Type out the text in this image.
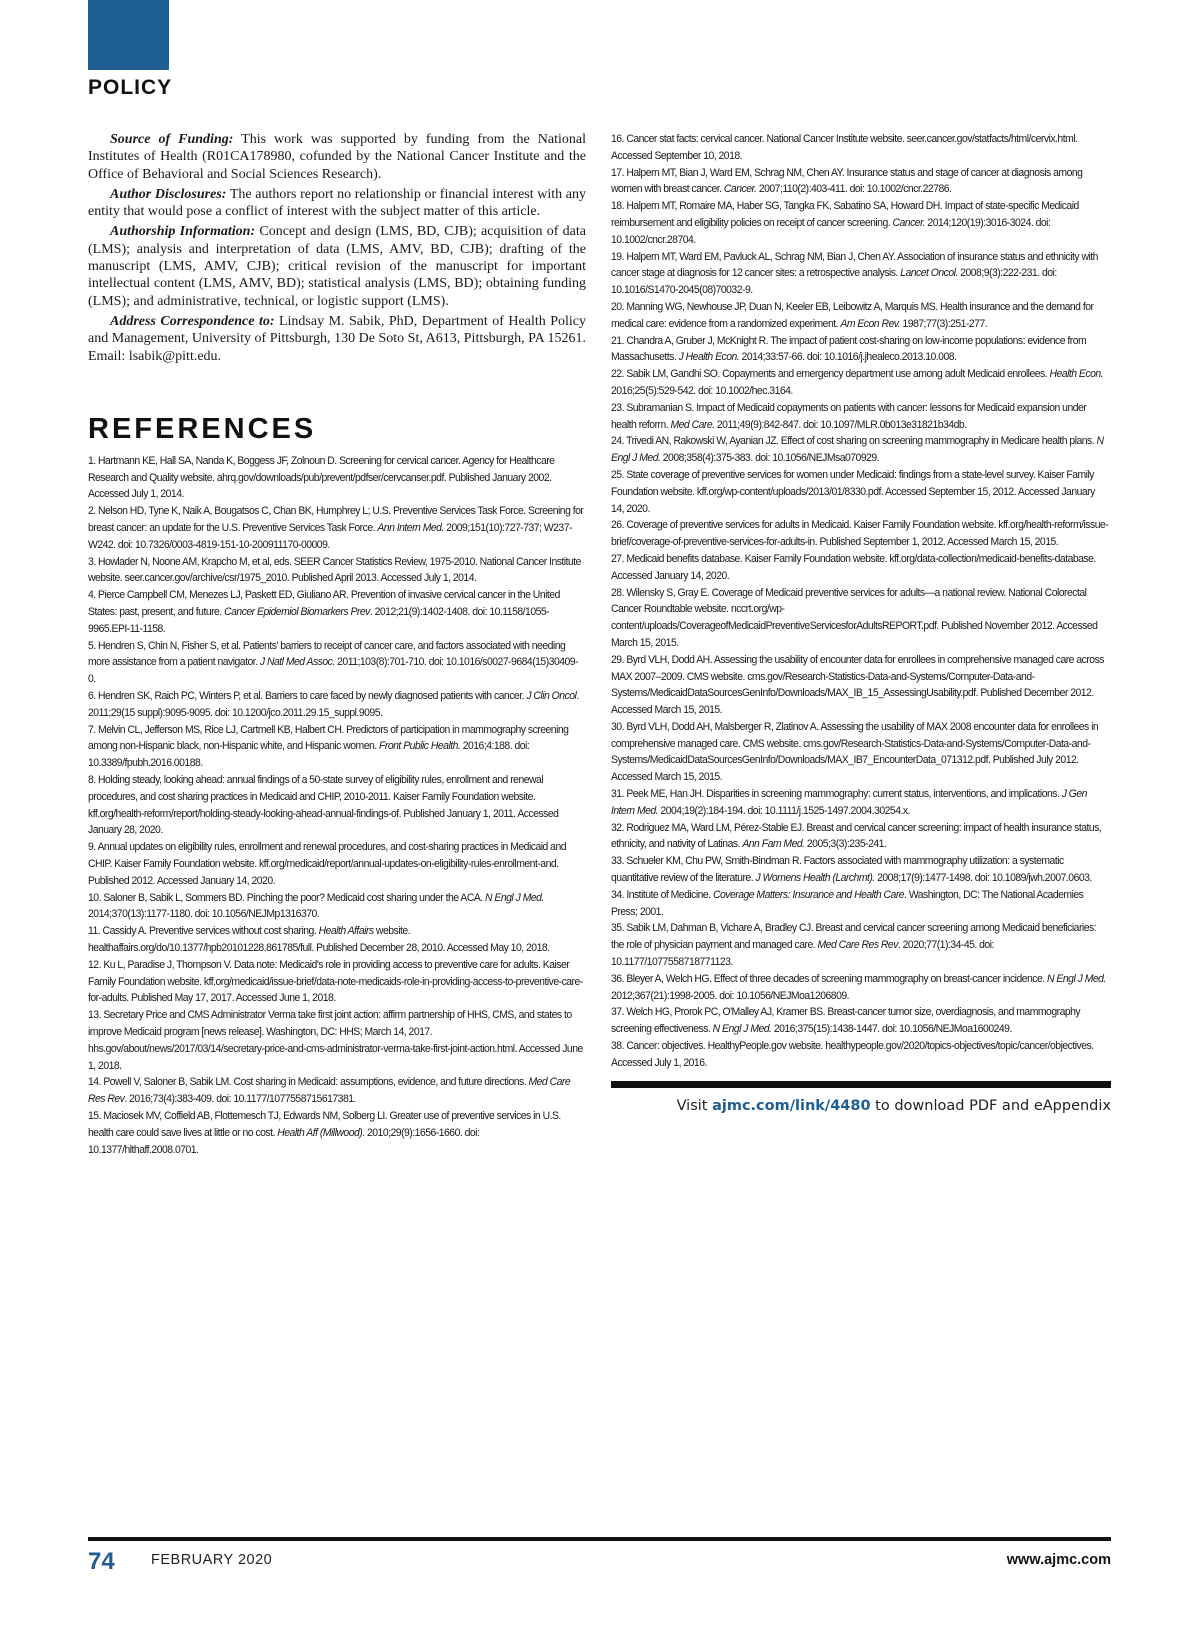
POLICY

Source of Funding: This work was supported by funding from the National Institutes of Health (R01CA178980, cofunded by the National Cancer Institute and the Office of Behavioral and Social Sciences Research).

Author Disclosures: The authors report no relationship or financial interest with any entity that would pose a conflict of interest with the subject matter of this article.

Authorship Information: Concept and design (LMS, BD, CJB); acquisition of data (LMS); analysis and interpretation of data (LMS, AMV, BD, CJB); drafting of the manuscript (LMS, AMV, CJB); critical revision of the manuscript for important intellectual content (LMS, AMV, BD); statistical analysis (LMS, BD); obtaining funding (LMS); and administrative, technical, or logistic support (LMS).

Address Correspondence to: Lindsay M. Sabik, PhD, Department of Health Policy and Management, University of Pittsburgh, 130 De Soto St, A613, Pittsburgh, PA 15261. Email: lsabik@pitt.edu.

REFERENCES

1. Hartmann KE, Hall SA, Nanda K, Boggess JF, Zolnoun D. Screening for cervical cancer. Agency for Healthcare Research and Quality website. ahrq.gov/downloads/pub/prevent/pdfser/cervcanser.pdf. Published January 2002. Accessed July 1, 2014.

2. Nelson HD, Tyne K, Naik A, Bougatsos C, Chan BK, Humphrey L; U.S. Preventive Services Task Force. Screening for breast cancer: an update for the U.S. Preventive Services Task Force. Ann Intern Med. 2009;151(10):727-737; W237-W242. doi: 10.7326/0003-4819-151-10-200911170-00009.

3. Howlader N, Noone AM, Krapcho M, et al, eds. SEER Cancer Statistics Review, 1975-2010. National Cancer Institute website. seer.cancer.gov/archive/csr/1975_2010. Published April 2013. Accessed July 1, 2014.

4. Pierce Campbell CM, Menezes LJ, Paskett ED, Giuliano AR. Prevention of invasive cervical cancer in the United States: past, present, and future. Cancer Epidemiol Biomarkers Prev. 2012;21(9):1402-1408. doi: 10.1158/1055-9965.EPI-11-1158.

5. Hendren S, Chin N, Fisher S, et al. Patients' barriers to receipt of cancer care, and factors associated with needing more assistance from a patient navigator. J Natl Med Assoc. 2011;103(8):701-710. doi: 10.1016/s0027-9684(15)30409-0.

6. Hendren SK, Raich PC, Winters P, et al. Barriers to care faced by newly diagnosed patients with cancer. J Clin Oncol. 2011;29(15 suppl):9095-9095. doi: 10.1200/jco.2011.29.15_suppl.9095.

7. Melvin CL, Jefferson MS, Rice LJ, Cartmell KB, Halbert CH. Predictors of participation in mammography screening among non-Hispanic black, non-Hispanic white, and Hispanic women. Front Public Health. 2016;4:188. doi: 10.3389/fpubh.2016.00188.

8. Holding steady, looking ahead: annual findings of a 50-state survey of eligibility rules, enrollment and renewal procedures, and cost sharing practices in Medicaid and CHIP, 2010-2011. Kaiser Family Foundation website. kff.org/health-reform/report/holding-steady-looking-ahead-annual-findings-of. Published January 1, 2011. Accessed January 28, 2020.

9. Annual updates on eligibility rules, enrollment and renewal procedures, and cost-sharing practices in Medicaid and CHIP. Kaiser Family Foundation website. kff.org/medicaid/report/annual-updates-on-eligibility-rules-enrollment-and. Published 2012. Accessed January 14, 2020.

10. Saloner B, Sabik L, Sommers BD. Pinching the poor? Medicaid cost sharing under the ACA. N Engl J Med. 2014;370(13):1177-1180. doi: 10.1056/NEJMp1316370.

11. Cassidy A. Preventive services without cost sharing. Health Affairs website. healthaffairs.org/do/10.1377/hpb20101228.861785/full. Published December 28, 2010. Accessed May 10, 2018.

12. Ku L, Paradise J, Thompson V. Data note: Medicaid's role in providing access to preventive care for adults. Kaiser Family Foundation website. kff.org/medicaid/issue-brief/data-note-medicaids-role-in-providing-access-to-preventive-care-for-adults. Published May 17, 2017. Accessed June 1, 2018.

13. Secretary Price and CMS Administrator Verma take first joint action: affirm partnership of HHS, CMS, and states to improve Medicaid program [news release]. Washington, DC: HHS; March 14, 2017. hhs.gov/about/news/2017/03/14/secretary-price-and-cms-administrator-verma-take-first-joint-action.html. Accessed June 1, 2018.

14. Powell V, Saloner B, Sabik LM. Cost sharing in Medicaid: assumptions, evidence, and future directions. Med Care Res Rev. 2016;73(4):383-409. doi: 10.1177/1077558715617381.

15. Maciosek MV, Coffield AB, Flottemesch TJ, Edwards NM, Solberg LI. Greater use of preventive services in U.S. health care could save lives at little or no cost. Health Aff (Millwood). 2010;29(9):1656-1660. doi: 10.1377/hlthaff.2008.0701.

16. Cancer stat facts: cervical cancer. National Cancer Institute website. seer.cancer.gov/statfacts/html/cervix.html. Accessed September 10, 2018.

17. Halpern MT, Bian J, Ward EM, Schrag NM, Chen AY. Insurance status and stage of cancer at diagnosis among women with breast cancer. Cancer. 2007;110(2):403-411. doi: 10.1002/cncr.22786.

18. Halpern MT, Romaire MA, Haber SG, Tangka FK, Sabatino SA, Howard DH. Impact of state-specific Medicaid reimbursement and eligibility policies on receipt of cancer screening. Cancer. 2014;120(19):3016-3024. doi: 10.1002/cncr.28704.

19. Halpern MT, Ward EM, Pavluck AL, Schrag NM, Bian J, Chen AY. Association of insurance status and ethnicity with cancer stage at diagnosis for 12 cancer sites: a retrospective analysis. Lancet Oncol. 2008;9(3):222-231. doi: 10.1016/S1470-2045(08)70032-9.

20. Manning WG, Newhouse JP, Duan N, Keeler EB, Leibowitz A, Marquis MS. Health insurance and the demand for medical care: evidence from a randomized experiment. Am Econ Rev. 1987;77(3):251-277.

21. Chandra A, Gruber J, McKnight R. The impact of patient cost-sharing on low-income populations: evidence from Massachusetts. J Health Econ. 2014;33:57-66. doi: 10.1016/j.jhealeco.2013.10.008.

22. Sabik LM, Gandhi SO. Copayments and emergency department use among adult Medicaid enrollees. Health Econ. 2016;25(5):529-542. doi: 10.1002/hec.3164.

23. Subramanian S. Impact of Medicaid copayments on patients with cancer: lessons for Medicaid expansion under health reform. Med Care. 2011;49(9):842-847. doi: 10.1097/MLR.0b013e31821b34db.

24. Trivedi AN, Rakowski W, Ayanian JZ. Effect of cost sharing on screening mammography in Medicare health plans. N Engl J Med. 2008;358(4):375-383. doi: 10.1056/NEJMsa070929.

25. State coverage of preventive services for women under Medicaid: findings from a state-level survey. Kaiser Family Foundation website. kff.org/wp-content/uploads/2013/01/8330.pdf. Accessed September 15, 2012. Accessed January 14, 2020.

26. Coverage of preventive services for adults in Medicaid. Kaiser Family Foundation website. kff.org/health-reform/issue-brief/coverage-of-preventive-services-for-adults-in. Published September 1, 2012. Accessed March 15, 2015.

27. Medicaid benefits database. Kaiser Family Foundation website. kff.org/data-collection/medicaid-benefits-database. Accessed January 14, 2020.

28. Wilensky S, Gray E. Coverage of Medicaid preventive services for adults—a national review. National Colorectal Cancer Roundtable website. nccrt.org/wp-content/uploads/CoverageofMedicaidPreventiveServicesforAdultsREPORT.pdf. Published November 2012. Accessed March 15, 2015.

29. Byrd VLH, Dodd AH. Assessing the usability of encounter data for enrollees in comprehensive managed care across MAX 2007–2009. CMS website. cms.gov/Research-Statistics-Data-and-Systems/Computer-Data-and-Systems/MedicaidDataSourcesGenInfo/Downloads/MAX_IB_15_AssessingUsability.pdf. Published December 2012. Accessed March 15, 2015.

30. Byrd VLH, Dodd AH, Malsberger R, Zlatinov A. Assessing the usability of MAX 2008 encounter data for enrollees in comprehensive managed care. CMS website. cms.gov/Research-Statistics-Data-and-Systems/Computer-Data-and-Systems/MedicaidDataSourcesGenInfo/Downloads/MAX_IB7_EncounterData_071312.pdf. Published July 2012. Accessed March 15, 2015.

31. Peek ME, Han JH. Disparities in screening mammography: current status, interventions, and implications. J Gen Intern Med. 2004;19(2):184-194. doi: 10.1111/j.1525-1497.2004.30254.x.

32. Rodriguez MA, Ward LM, Pérez-Stable EJ. Breast and cervical cancer screening: impact of health insurance status, ethnicity, and nativity of Latinas. Ann Fam Med. 2005;3(3):235-241.

33. Schueler KM, Chu PW, Smith-Bindman R. Factors associated with mammography utilization: a systematic quantitative review of the literature. J Womens Health (Larchmt). 2008;17(9):1477-1498. doi: 10.1089/jwh.2007.0603.

34. Institute of Medicine. Coverage Matters: Insurance and Health Care. Washington, DC: The National Academies Press; 2001.

35. Sabik LM, Dahman B, Vichare A, Bradley CJ. Breast and cervical cancer screening among Medicaid beneficiaries: the role of physician payment and managed care. Med Care Res Rev. 2020;77(1):34-45. doi: 10.1177/1077558718771123.

36. Bleyer A, Welch HG. Effect of three decades of screening mammography on breast-cancer incidence. N Engl J Med. 2012;367(21):1998-2005. doi: 10.1056/NEJMoa1206809.

37. Welch HG, Prorok PC, O'Malley AJ, Kramer BS. Breast-cancer tumor size, overdiagnosis, and mammography screening effectiveness. N Engl J Med. 2016;375(15):1438-1447. doi: 10.1056/NEJMoa1600249.

38. Cancer: objectives. HealthyPeople.gov website. healthypeople.gov/2020/topics-objectives/topic/cancer/objectives. Accessed July 1, 2016.

Visit ajmc.com/link/4480 to download PDF and eAppendix
74	FEBRUARY 2020	www.ajmc.com
